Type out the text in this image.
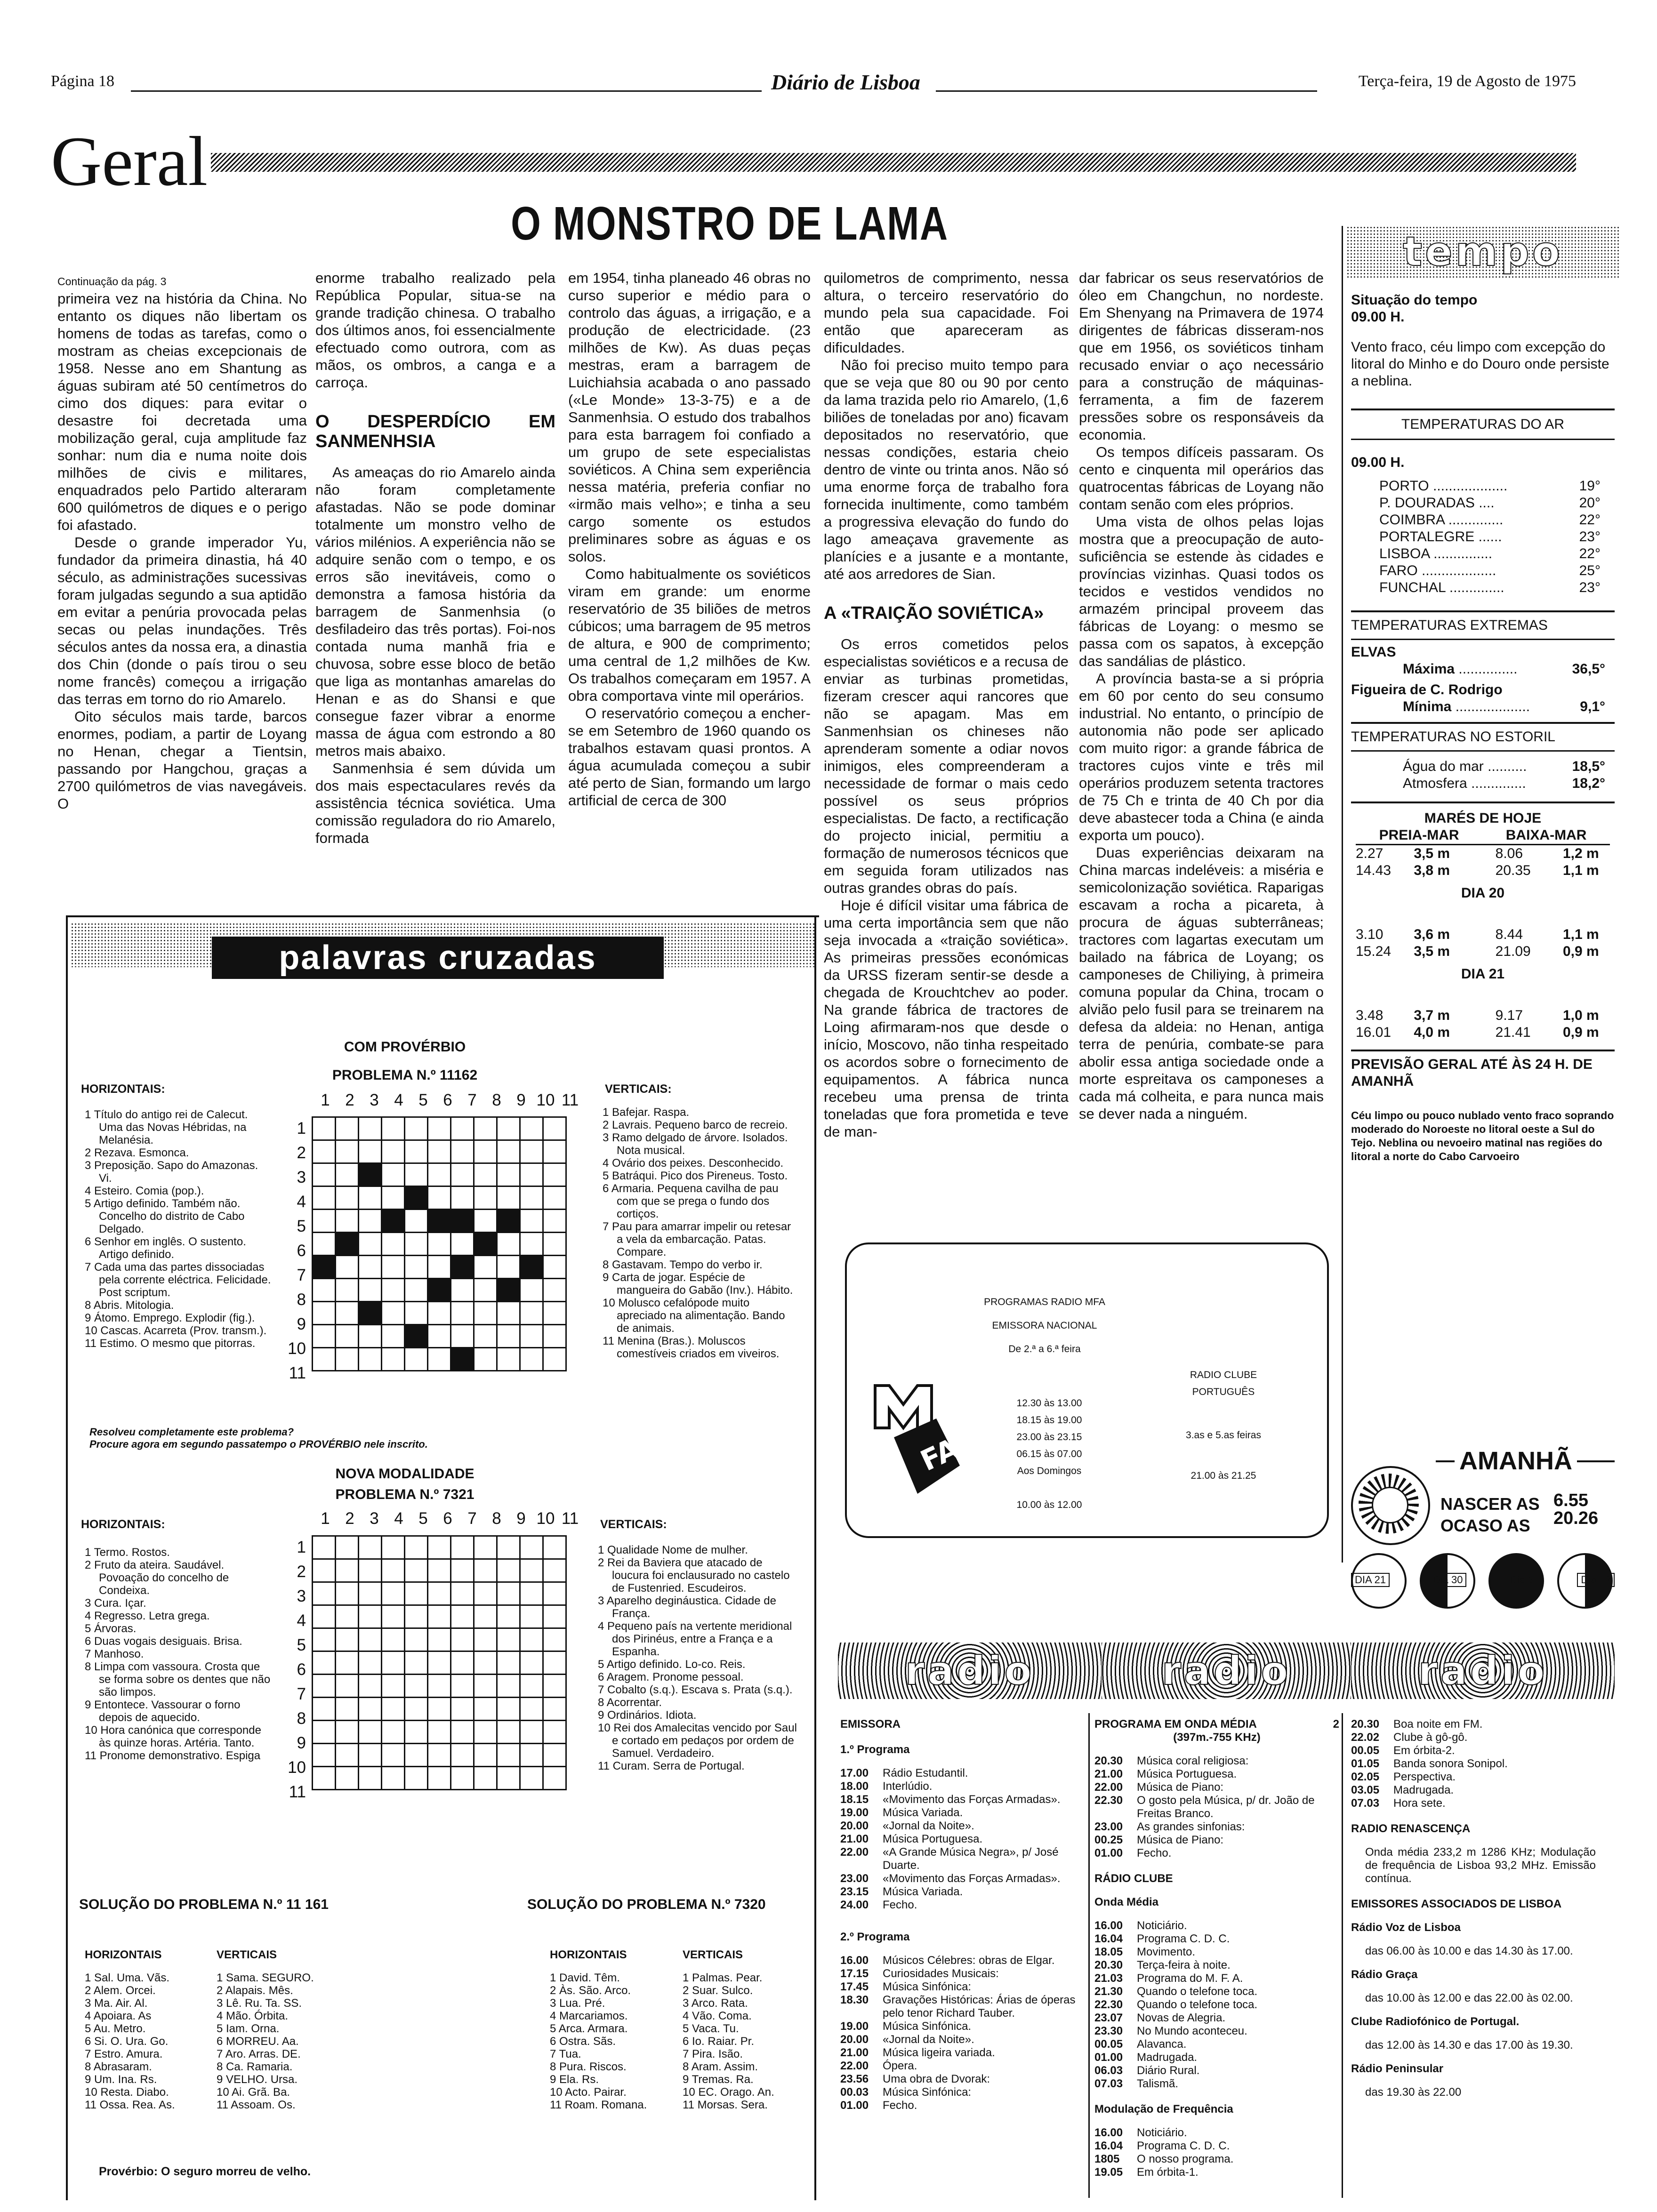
Página 18	Diário de Lisboa	Terça-feira, 19 de Agosto de 1975
Geral
O MONSTRO DE LAMA
Continuação da pág. 3

primeira vez na história da China. No entanto os diques não libertam os homens de todas as tarefas, como o mostram as cheias excepcionais de 1958. Nesse ano em Shantung as águas subiram até 50 centímetros do cimo dos diques: para evitar o desastre foi decretada uma mobilização geral, cuja amplitude faz sonhar: num dia e numa noite dois milhões de civis e militares, enquadrados pelo Partido alteraram 600 quilómetros de diques e o perigo foi afastado.

Desde o grande imperador Yu, fundador da primeira dinastia, há 40 século, as administrações sucessivas foram julgadas segundo a sua aptidão em evitar a penúria provocada pelas secas ou pelas inundações. Três séculos antes da nossa era, a dinastia dos Chin (donde o país tirou o seu nome francês) começou a irrigação das terras em torno do rio Amarelo.

Oito séculos mais tarde, barcos enormes, podiam, a partir de Loyang no Henan, chegar a Tientsin, passando por Hangchou, graças a 2700 quilómetros de vias navegáveis. O

enorme trabalho realizado pela República Popular, situa-se na grande tradição chinesa. O trabalho dos últimos anos, foi essencialmente efectuado como outrora, com as mãos, os ombros, a canga e a carroça.

O DESPERDÍCIO EM SANMENHSIA

As ameaças do rio Amarelo ainda não foram completamente afastadas. Não se pode dominar totalmente um monstro velho de vários milénios. A experiência não se adquire senão com o tempo, e os erros são inevitáveis, como o demonstra a famosa história da barragem de Sanmenhsia (o desfiladeiro das três portas). Foi-nos contada numa manhã fria e chuvosa, sobre esse bloco de betão que liga as montanhas amarelas do Henan e as do Shansi e que consegue fazer vibrar a enorme massa de água com estrondo a 80 metros mais abaixo.

Sanmenhsia é sem dúvida um dos mais espectaculares revés da assistência técnica soviética. Uma comissão reguladora do rio Amarelo, formada

em 1954, tinha planeado 46 obras no curso superior e médio para o controlo das águas, a irrigação, e a produção de electricidade. (23 milhões de Kw). As duas peças mestras, eram a barragem de Luichiahsia acabada o ano passado («Le Monde» 13-3-75) e a de Sanmenhsia. O estudo dos trabalhos para esta barragem foi confiado a um grupo de sete especialistas soviéticos. A China sem experiência nessa matéria, preferia confiar no «irmão mais velho»; e tinha a seu cargo somente os estudos preliminares sobre as águas e os solos.

Como habitualmente os soviéticos viram em grande: um enorme reservatório de 35 biliões de metros cúbicos; uma barragem de 95 metros de altura, e 900 de comprimento; uma central de 1,2 milhões de Kw. Os trabalhos começaram em 1957. A obra comportava vinte mil operários.

O reservatório começou a encher-se em Setembro de 1960 quando os trabalhos estavam quasi prontos. A água acumulada começou a subir até perto de Sian, formando um largo artificial de cerca de 300

quilometros de comprimento, nessa altura, o terceiro reservatório do mundo pela sua capacidade. Foi então que apareceram as dificuldades.

Não foi preciso muito tempo para que se veja que 80 ou 90 por cento da lama trazida pelo rio Amarelo, (1,6 biliões de toneladas por ano) ficavam depositados no reservatório, que nessas condições, estaria cheio dentro de vinte ou trinta anos. Não só uma enorme força de trabalho fora fornecida inultimente, como também a progressiva elevação do fundo do lago ameaçava gravemente as planícies e a jusante e a montante, até aos arredores de Sian.

A «TRAIÇÃO SOVIÉTICA»

Os erros cometidos pelos especialistas soviéticos e a recusa de enviar as turbinas prometidas, fizeram crescer aqui rancores que não se apagam. Mas em Sanmenhsian os chineses não aprenderam somente a odiar novos inimigos, eles compreenderam a necessidade de formar o mais cedo possível os seus próprios especialistas. De facto, a rectificação do projecto inicial, permitiu a formação de numerosos técnicos que em seguida foram utilizados nas outras grandes obras do país.

Hoje é difícil visitar uma fábrica de uma certa importância sem que não seja invocada a «traição soviética». As primeiras pressões económicas da URSS fizeram sentir-se desde a chegada de Krouchtchev ao poder. Na grande fábrica de tractores de Loing afirmaram-nos que desde o início, Moscovo, não tinha respeitado os acordos sobre o fornecimento de equipamentos. A fábrica nunca recebeu uma prensa de trinta toneladas que fora prometida e teve de man-

dar fabricar os seus reservatórios de óleo em Changchun, no nordeste. Em Shenyang na Primavera de 1974 dirigentes de fábricas disseram-nos que em 1956, os soviéticos tinham recusado enviar o aço necessário para a construção de máquinas-ferramenta, a fim de fazerem pressões sobre os responsáveis da economia.

Os tempos difíceis passaram. Os cento e cinquenta mil operários das quatrocentas fábricas de Loyang não contam senão com eles próprios.

Uma vista de olhos pelas lojas mostra que a preocupação de auto-suficiência se estende às cidades e províncias vizinhas. Quasi todos os tecidos e vestidos vendidos no armazém principal proveem das fábricas de Loyang: o mesmo se passa com os sapatos, à excepção das sandálias de plástico.

A província basta-se a si própria em 60 por cento do seu consumo industrial. No entanto, o princípio de autonomia não pode ser aplicado com muito rigor: a grande fábrica de tractores cujos vinte e três mil operários produzem setenta tractores de 75 Ch e trinta de 40 Ch por dia deve abastecer toda a China (e ainda exporta um pouco).

Duas experiências deixaram na China marcas indeléveis: a miséria e semicolonização soviética. Raparigas escavam a rocha a picareta, à procura de águas subterrâneas; tractores com lagartas executam um bailado na fábrica de Loyang; os camponeses de Chiliying, à primeira comuna popular da China, trocam o alvião pelo fusil para se treinarem na defesa da aldeia: no Henan, antiga terra de penúria, combate-se para abolir essa antiga sociedade onde a morte espreitava os camponeses a cada má colheita, e para nunca mais se dever nada a ninguém.

tempo
Situação do tempo
09.00 H.
Vento fraco, céu limpo com excepção do litoral do Minho e do Douro onde persiste a neblina.
TEMPERATURAS DO AR
09.00 H.
PORTO ...................	19°
P. DOURADAS ....	20°
COIMBRA ..............	22°
PORTALEGRE ......	23°
LISBOA ...............	22°
FARO ...................	25°
FUNCHAL ..............	23°
TEMPERATURAS EXTREMAS
ELVAS
Máxima ...............	36,5°
Figueira de C. Rodrigo
Mínima ...................	9,1°
TEMPERATURAS NO ESTORIL
Água do mar ..........	18,5°
Atmosfera ..............	18,2°
MARÉS DE HOJE
PREIA-MAR	BAIXA-MAR
2.27	3,5 m	8.06	1,2 m
14.43	3,8 m	20.35	1,1 m
DIA 20
3.10	3,6 m	8.44	1,1 m
15.24	3,5 m	21.09	0,9 m
DIA 21
3.48	3,7 m	9.17	1,0 m
16.01	4,0 m	21.41	0,9 m
PREVISÃO GERAL ATÉ ÀS 24 H. DE AMANHÃ
Céu limpo ou pouco nublado vento fraco soprando moderado do Noroeste no litoral oeste a Sul do Tejo. Neblina ou nevoeiro matinal nas regiões do litoral a norte do Cabo Carvoeiro
AMANHÃ
NASCER AS 6.55
OCASO AS 20.26
DIA 21	Dia 30	Dia 5	Dia 12
palavras cruzadas
COM PROVÉRBIO
PROBLEMA N.º 11162
HORIZONTAIS:	VERTICAIS:
1 Título do antigo rei de Calecut. Uma das Novas Hébridas, na Melanésia.
2 Rezava. Esmonca.
3 Preposição. Sapo do Amazonas. Vi.
4 Esteiro. Comia (pop.).
5 Artigo definido. Também não. Concelho do distrito de Cabo Delgado.
6 Senhor em inglês. O sustento. Artigo definido.
7 Cada uma das partes dissociadas pela corrente eléctrica. Felicidade. Post scriptum.
8 Abris. Mitologia.
9 Átomo. Emprego. Explodir (fig.).
10 Cascas. Acarreta (Prov. transm.).
11 Estimo. O mesmo que pitorras.
1 2 3 4 5 6 7 8 9 10 11
1
2
3
4
5
6
7
8
9
10
11

1 Bafejar. Raspa.
2 Lavrais. Pequeno barco de recreio.
3 Ramo delgado de árvore. Isolados. Nota musical.
4 Ovário dos peixes. Desconhecido.
5 Batráqui. Pico dos Pireneus. Tosto.
6 Armaria. Pequena cavilha de pau com que se prega o fundo dos cortiços.
7 Pau para amarrar impelir ou retesar a vela da embarcação. Patas. Compare.
8 Gastavam. Tempo do verbo ir.
9 Carta de jogar. Espécie de mangueira do Gabão (Inv.). Hábito.
10 Molusco cefalópode muito apreciado na alimentação. Bando de animais.
11 Menina (Bras.). Moluscos comestíveis criados em viveiros.
Resolveu completamente este problema?
Procure agora em segundo passatempo o PROVÉRBIO nele inscrito.
NOVA MODALIDADE
PROBLEMA N.º 7321
HORIZONTAIS:	VERTICAIS:
1 Termo. Rostos.
2 Fruto da ateira. Saudável. Povoação do concelho de Condeixa.
3 Cura. Içar.
4 Regresso. Letra grega.
5 Árvoras.
6 Duas vogais desiguais. Brisa.
7 Manhoso.
8 Limpa com vassoura. Crosta que se forma sobre os dentes que não são limpos.
9 Entontece. Vassourar o forno depois de aquecido.
10 Hora canónica que corresponde às quinze horas. Artéria. Tanto.
11 Pronome demonstrativo. Espiga
1 2 3 4 5 6 7 8 9 10 11
1
2
3
4
5
6
7
8
9
10
11

1 Qualidade Nome de mulher.
2 Rei da Baviera que atacado de loucura foi enclausurado no castelo de Fustenried. Escudeiros.
3 Aparelho degináustica. Cidade de França.
4 Pequeno país na vertente meridional dos Pirinéus, entre a França e a Espanha.
5 Artigo definido. Lo-co. Reis.
6 Aragem. Pronome pessoal.
7 Cobalto (s.q.). Escava s. Prata (s.q.).
8 Acorrentar.
9 Ordinários. Idiota.
10 Rei dos Amalecitas vencido por Saul e cortado em pedaços por ordem de Samuel. Verdadeiro.
11 Curam. Serra de Portugal.
SOLUÇÃO DO PROBLEMA N.º 11 161	SOLUÇÃO DO PROBLEMA N.º 7320
HORIZONTAIS
1 Sal. Uma. Vãs.
2 Alem. Orcei.
3 Ma. Air. Al.
4 Apoiara. As
5 Au. Metro.
6 Si. O. Ura. Go.
7 Estro. Amura.
8 Abrasaram.
9 Um. Ina. Rs.
10 Resta. Diabo.
11 Ossa. Rea. As.
VERTICAIS
1 Sama. SEGURO.
2 Alapais. Mês.
3 Lê. Ru. Ta. SS.
4 Mão. Órbita.
5 Iam. Orna.
6 MORREU. Aa.
7 Aro. Arras. DE.
8 Ca. Ramaria.
9 VELHO. Ursa.
10 Ai. Grã. Ba.
11 Assoam. Os.
HORIZONTAIS
1 David. Têm.
2 Às. São. Arco.
3 Lua. Pré.
4 Marcariamos.
5 Arca. Armara.
6 Ostra. Sãs.
7 Tua.
8 Pura. Riscos.
9 Ela. Rs.
10 Acto. Pairar.
11 Roam. Romana.
VERTICAIS
1 Palmas. Pear.
2 Suar. Sulco.
3 Arco. Rata.
4 Vão. Coma.
5 Vaca. Tu.
6 Io. Raiar. Pr.
7 Pira. Isão.
8 Aram. Assim.
9 Tremas. Ra.
10 EC. Orago. An.
11 Morsas. Sera.
Provérbio: O seguro morreu de velho.
PROGRAMAS RADIO MFA
EMISSORA NACIONAL
De 2.ª a 6.ª feira
12.30 às 13.00
18.15 às 19.00
23.00 às 23.15
06.15 às 07.00
Aos Domingos
10.00 às 12.00
RADIO CLUBE PORTUGUÊS
3.as e 5.as feiras
21.00 às 21.25
FA
radio	radio	radio
EMISSORA
1.º Programa
17.00	Rádio Estudantil.
18.00	Interlúdio.
18.15	«Movimento das Forças Armadas».
19.00	Música Variada.
20.00	«Jornal da Noite».
21.00	Música Portuguesa.
22.00	«A Grande Música Negra», p/ José Duarte.
23.00	«Movimento das Forças Armadas».
23.15	Música Variada.
24.00	Fecho.
2.º Programa
16.00	Músicos Célebres: obras de Elgar.
17.15	Curiosidades Musicais:
17.45	Música Sinfónica:
18.30	Gravações Históricas: Árias de óperas pelo tenor Richard Tauber.
19.00	Música Sinfónica.
20.00	«Jornal da Noite».
21.00	Música ligeira variada.
22.00	Ópera.
23.56	Uma obra de Dvorak:
00.03	Música Sinfónica:
01.00	Fecho.
PROGRAMA EM ONDA MÉDIA	2
(397m.-755 KHz)
20.30	Música coral religiosa:
21.00	Música Portuguesa.
22.00	Música de Piano:
22.30	O gosto pela Música, p/ dr. João de Freitas Branco.
23.00	As grandes sinfonias:
00.25	Música de Piano:
01.00	Fecho.
RÁDIO CLUBE
Onda Média
16.00	Noticiário.
16.04	Programa C. D. C.
18.05	Movimento.
20.30	Terça-feira à noite.
21.03	Programa do M. F. A.
21.30	Quando o telefone toca.
22.30	Quando o telefone toca.
23.07	Novas de Alegria.
23.30	No Mundo aconteceu.
00.05	Alavanca.
01.00	Madrugada.
06.03	Diário Rural.
07.03	Talismã.
Modulação de Frequência
16.00	Noticiário.
16.04	Programa C. D. C.
1805	O nosso programa.
19.05	Em órbita-1.
20.30	Boa noite em FM.
22.02	Clube à gô-gô.
00.05	Em órbita-2.
01.05	Banda sonora Sonipol.
02.05	Perspectiva.
03.05	Madrugada.
07.03	Hora sete.
RADIO RENASCENÇA
Onda média 233,2 m 1286 KHz; Modulação de frequência de Lisboa 93,2 MHz. Emissão contínua.
EMISSORES ASSOCIADOS DE LISBOA
Rádio Voz de Lisboa
das 06.00 às 10.00 e das 14.30 às 17.00.
Rádio Graça
das 10.00 às 12.00 e das 22.00 às 02.00.
Clube Radiofónico de Portugal.
das 12.00 às 14.30 e das 17.00 às 19.30.
Rádio Peninsular
das 19.30 às 22.00
